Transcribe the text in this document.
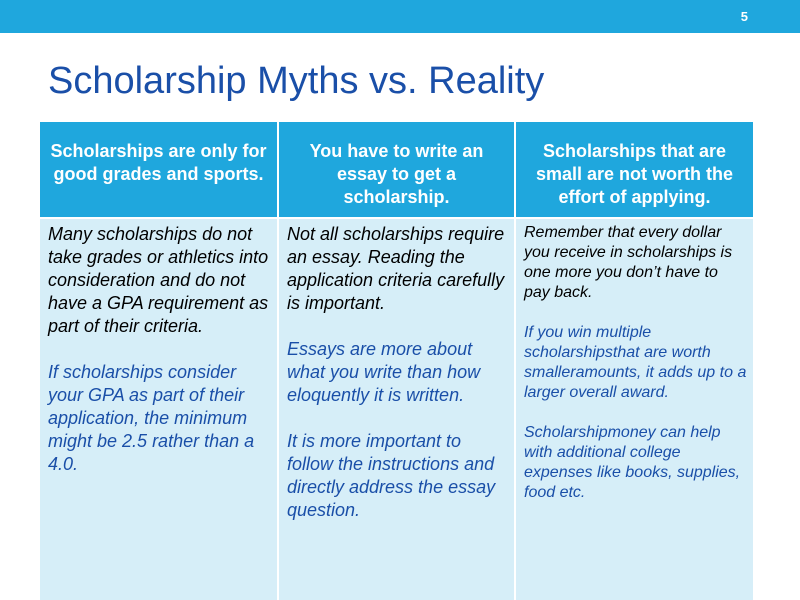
5
Scholarship Myths vs. Reality
Scholarships are only for good grades and sports.
You have to write an essay to get a scholarship.
Scholarships that are small are not worth the effort of applying.

Many scholarships do not take grades or athletics into consideration and do not have a GPA requirement as part of their criteria.

If scholarships consider your GPA as part of their application, the minimum might be 2.5 rather than a 4.0.

Not all scholarships require an essay. Reading the application criteria carefully is important.

Essays are more about what you write than how eloquently it is written.

It is more important to follow the instructions and directly address the essay question.

Remember that every dollar you receive in scholarships is one more you don’t have to pay back.

If you win multiple scholarshipsthat are worth smalleramounts, it adds up to a larger overall award.

Scholarshipmoney can help with additional college expenses like books, supplies, food etc.
